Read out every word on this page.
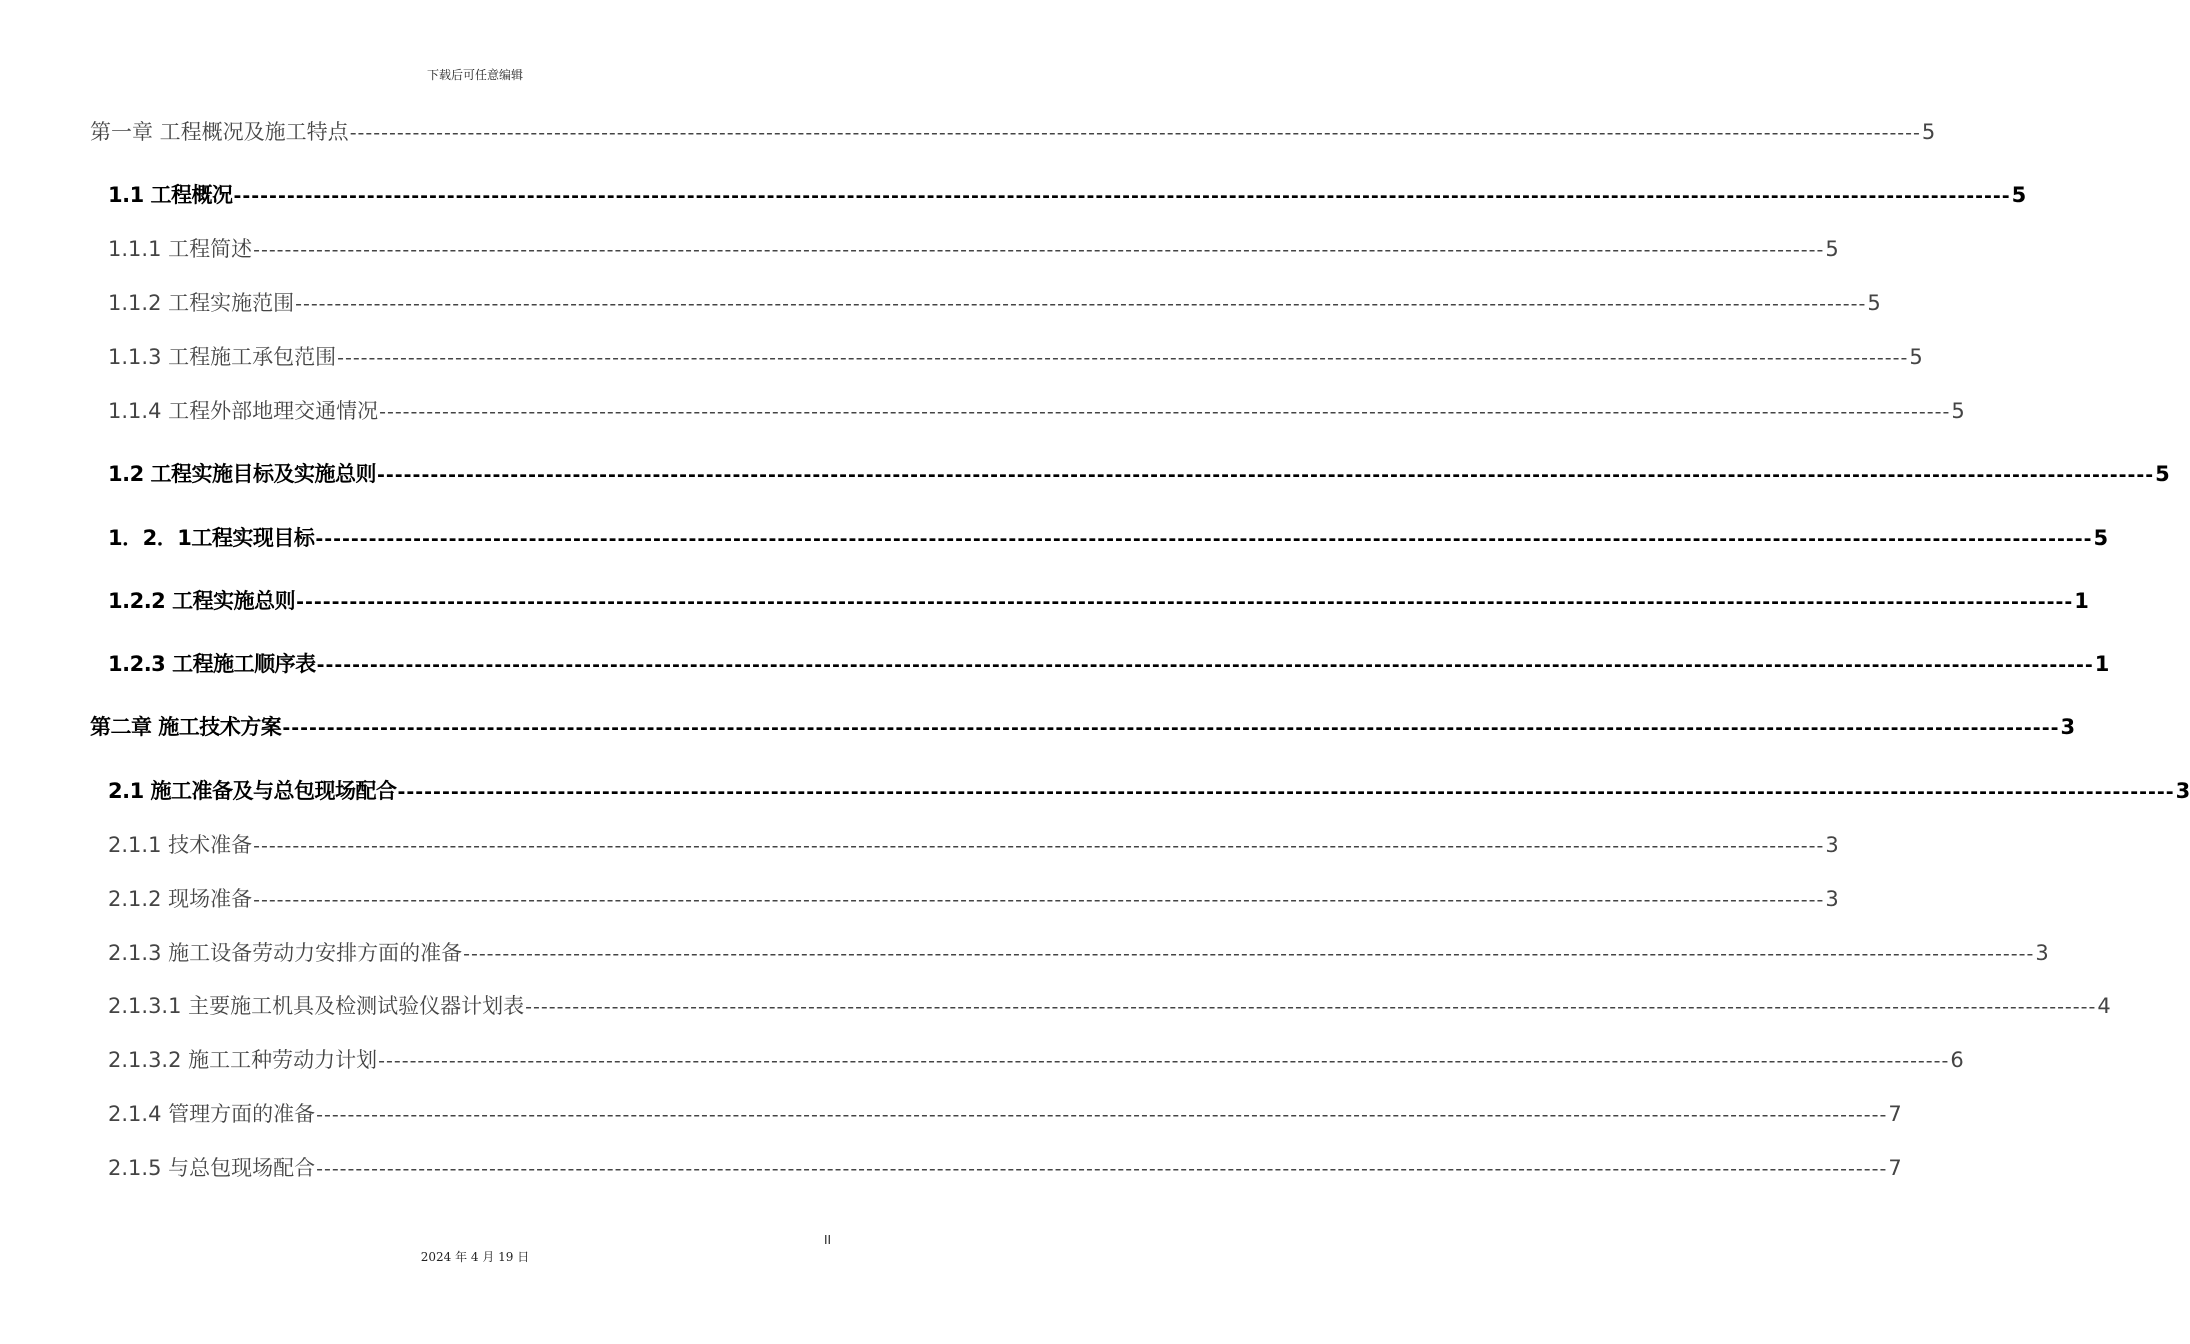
下载后可任意编辑
第一章 工程概况及施工特点 -------------------------------------------------------------------------------------------------------------------------------------------------------------------------------------------------------- 5
1.1 工程概况 -------------------------------------------------------------------------------------------------------------------------------------------------------------------------------------------------------- 5
1.1.1 工程简述 -------------------------------------------------------------------------------------------------------------------------------------------------------------------------------------------------------- 5
1.1.2 工程实施范围 -------------------------------------------------------------------------------------------------------------------------------------------------------------------------------------------------------- 5
1.1.3 工程施工承包范围 -------------------------------------------------------------------------------------------------------------------------------------------------------------------------------------------------------- 5
1.1.4 工程外部地理交通情况 -------------------------------------------------------------------------------------------------------------------------------------------------------------------------------------------------------- 5
1.2 工程实施目标及实施总则 -------------------------------------------------------------------------------------------------------------------------------------------------------------------------------------------------------- 5
1．2．1工程实现目标 -------------------------------------------------------------------------------------------------------------------------------------------------------------------------------------------------------- 5
1.2.2 工程实施总则 -------------------------------------------------------------------------------------------------------------------------------------------------------------------------------------------------------- 1
1.2.3 工程施工顺序表 -------------------------------------------------------------------------------------------------------------------------------------------------------------------------------------------------------- 1
第二章 施工技术方案 -------------------------------------------------------------------------------------------------------------------------------------------------------------------------------------------------------- 3
2.1 施工准备及与总包现场配合 -------------------------------------------------------------------------------------------------------------------------------------------------------------------------------------------------------- 3
2.1.1 技术准备 -------------------------------------------------------------------------------------------------------------------------------------------------------------------------------------------------------- 3
2.1.2 现场准备 -------------------------------------------------------------------------------------------------------------------------------------------------------------------------------------------------------- 3
2.1.3 施工设备劳动力安排方面的准备 -------------------------------------------------------------------------------------------------------------------------------------------------------------------------------------------------------- 3
2.1.3.1 主要施工机具及检测试验仪器计划表 -------------------------------------------------------------------------------------------------------------------------------------------------------------------------------------------------------- 4
2.1.3.2 施工工种劳动力计划 -------------------------------------------------------------------------------------------------------------------------------------------------------------------------------------------------------- 6
2.1.4 管理方面的准备 -------------------------------------------------------------------------------------------------------------------------------------------------------------------------------------------------------- 7
2.1.5 与总包现场配合 -------------------------------------------------------------------------------------------------------------------------------------------------------------------------------------------------------- 7
II
2024 年 4 月 19 日
